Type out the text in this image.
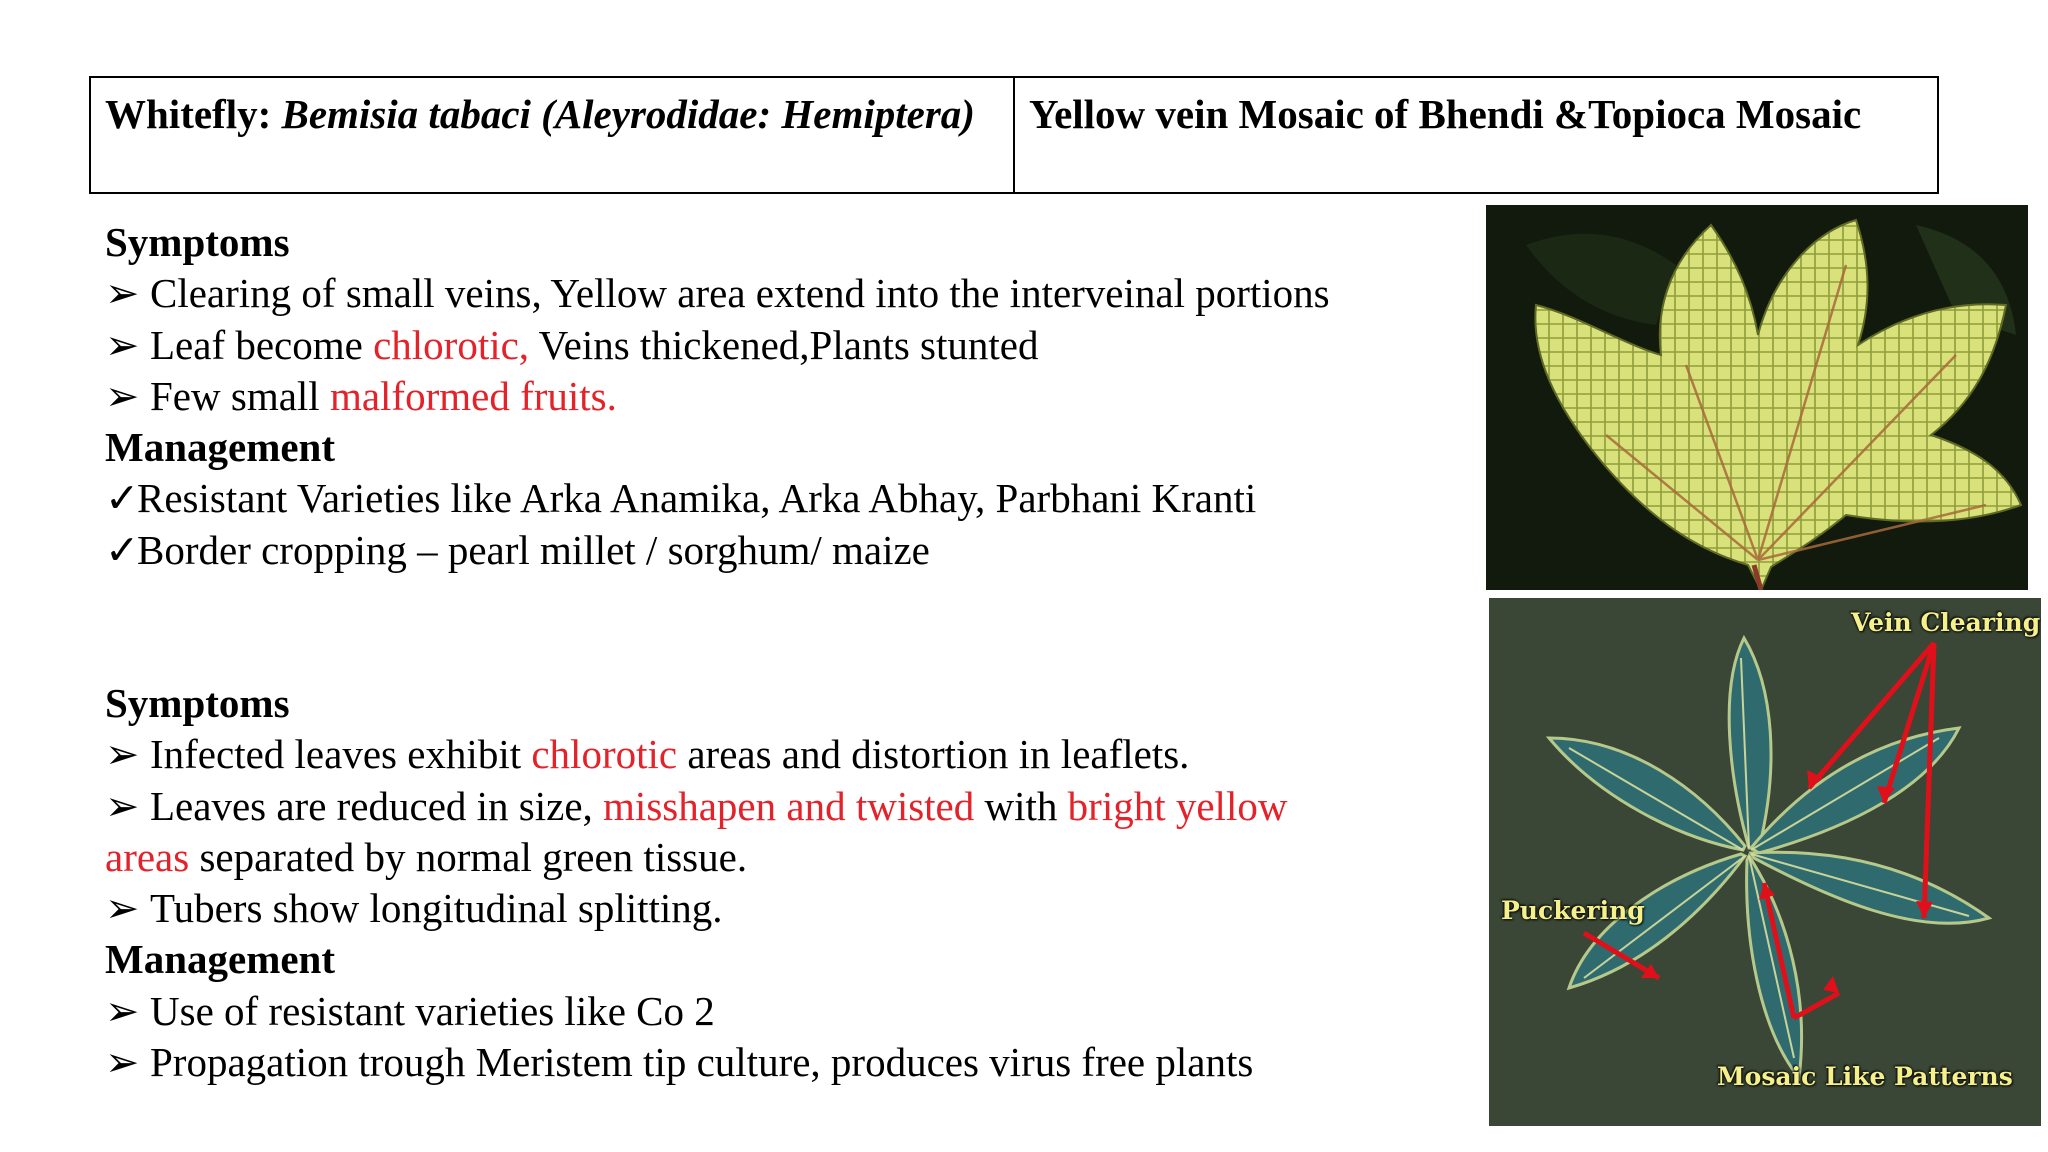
Whitefly: Bemisia tabaci (Aleyrodidae: Hemiptera)	Yellow vein Mosaic of Bhendi &Topioca Mosaic
Symptoms
➢ Clearing of small veins, Yellow area extend into the interveinal portions
➢ Leaf become chlorotic, Veins thickened,Plants stunted
➢ Few small malformed fruits.
Management
✓Resistant Varieties like Arka Anamika, Arka Abhay, Parbhani Kranti
✓Border cropping – pearl millet / sorghum/ maize
Symptoms
➢ Infected leaves exhibit chlorotic areas and distortion in leaflets.
➢ Leaves are reduced in size, misshapen and twisted with bright yellow
areas separated by normal green tissue.
➢ Tubers show longitudinal splitting.
Management
➢ Use of resistant varieties like Co 2
➢ Propagation trough Meristem tip culture, produces virus free plants
Vein Clearing
Puckering
Mosaic Like Patterns
